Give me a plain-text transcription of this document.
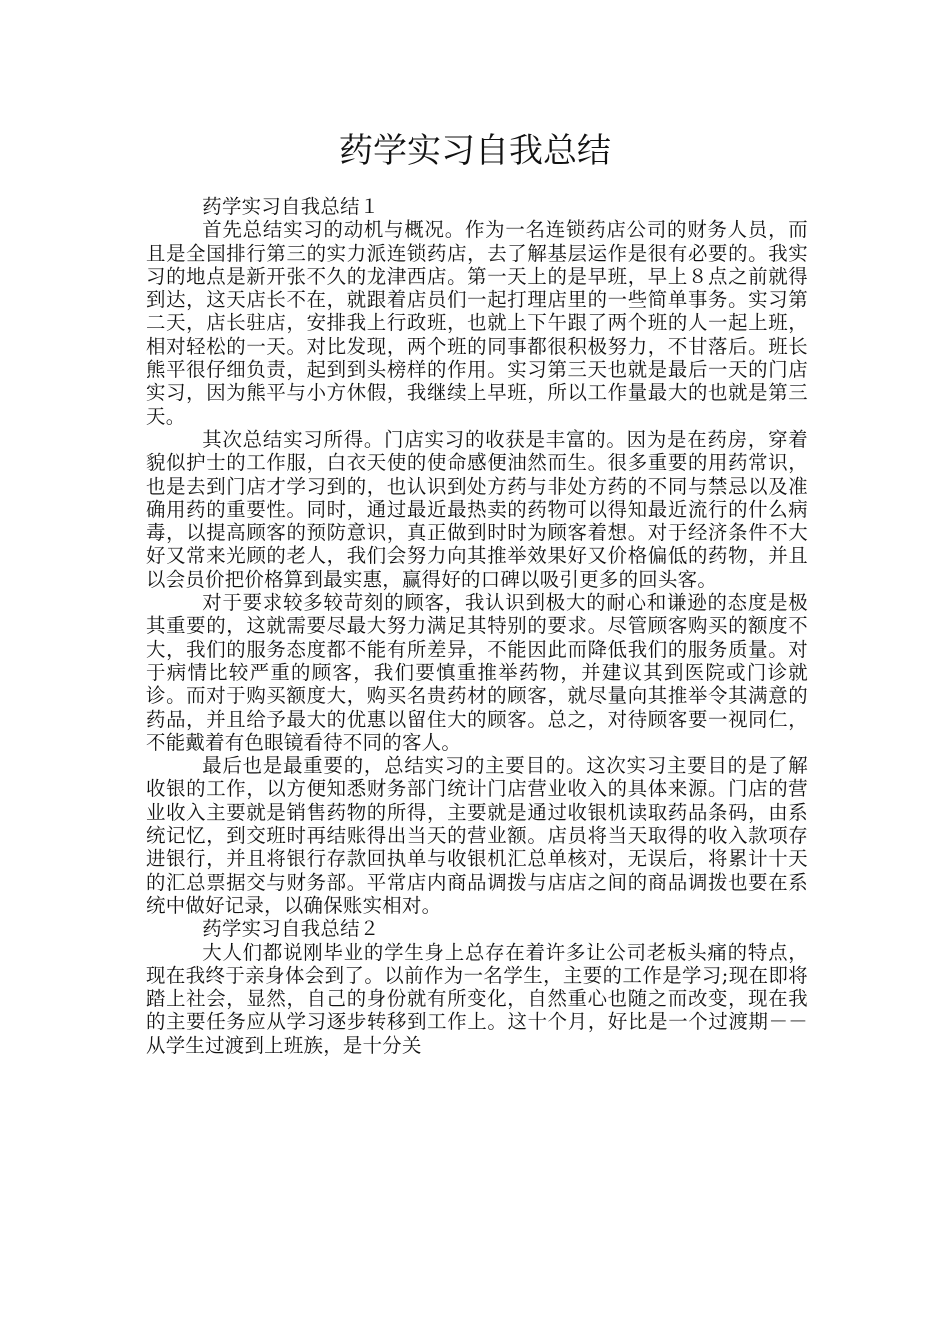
药学实习自我总结

药学实习自我总结１

首先总结实习的动机与概况。作为一名连锁药店公司的财务人员，而且是全国排行第三的实力派连锁药店，去了解基层运作是很有必要的。我实习的地点是新开张不久的龙津西店。第一天上的是早班，早上８点之前就得到达，这天店长不在，就跟着店员们一起打理店里的一些简单事务。实习第二天，店长驻店，安排我上行政班，也就上下午跟了两个班的人一起上班，相对轻松的一天。对比发现，两个班的同事都很积极努力，不甘落后。班长熊平很仔细负责，起到到头榜样的作用。实习第三天也就是最后一天的门店实习，因为熊平与小方休假，我继续上早班，所以工作量最大的也就是第三天。

其次总结实习所得。门店实习的收获是丰富的。因为是在药房，穿着貌似护士的工作服，白衣天使的使命感便油然而生。很多重要的用药常识，也是去到门店才学习到的，也认识到处方药与非处方药的不同与禁忌以及准确用药的重要性。同时，通过最近最热卖的药物可以得知最近流行的什么病毒，以提高顾客的预防意识，真正做到时时为顾客着想。对于经济条件不大好又常来光顾的老人，我们会努力向其推举效果好又价格偏低的药物，并且以会员价把价格算到最实惠，赢得好的口碑以吸引更多的回头客。

对于要求较多较苛刻的顾客，我认识到极大的耐心和谦逊的态度是极其重要的，这就需要尽最大努力满足其特别的要求。尽管顾客购买的额度不大，我们的服务态度都不能有所差异，不能因此而降低我们的服务质量。对于病情比较严重的顾客，我们要慎重推举药物，并建议其到医院或门诊就诊。而对于购买额度大，购买名贵药材的顾客，就尽量向其推举令其满意的药品，并且给予最大的优惠以留住大的顾客。总之，对待顾客要一视同仁，不能戴着有色眼镜看待不同的客人。

最后也是最重要的，总结实习的主要目的。这次实习主要目的是了解收银的工作，以方便知悉财务部门统计门店营业收入的具体来源。门店的营业收入主要就是销售药物的所得，主要就是通过收银机读取药品条码，由系统记忆，到交班时再结账得出当天的营业额。店员将当天取得的收入款项存进银行，并且将银行存款回执单与收银机汇总单核对，无误后，将累计十天的汇总票据交与财务部。平常店内商品调拨与店店之间的商品调拨也要在系统中做好记录，以确保账实相对。

药学实习自我总结２

大人们都说刚毕业的学生身上总存在着许多让公司老板头痛的特点，现在我终于亲身体会到了。以前作为一名学生，主要的工作是学习;现在即将踏上社会，显然，自己的身份就有所变化，自然重心也随之而改变，现在我的主要任务应从学习逐步转移到工作上。这十个月，好比是一个过渡期－－从学生过渡到上班族，是十分关
